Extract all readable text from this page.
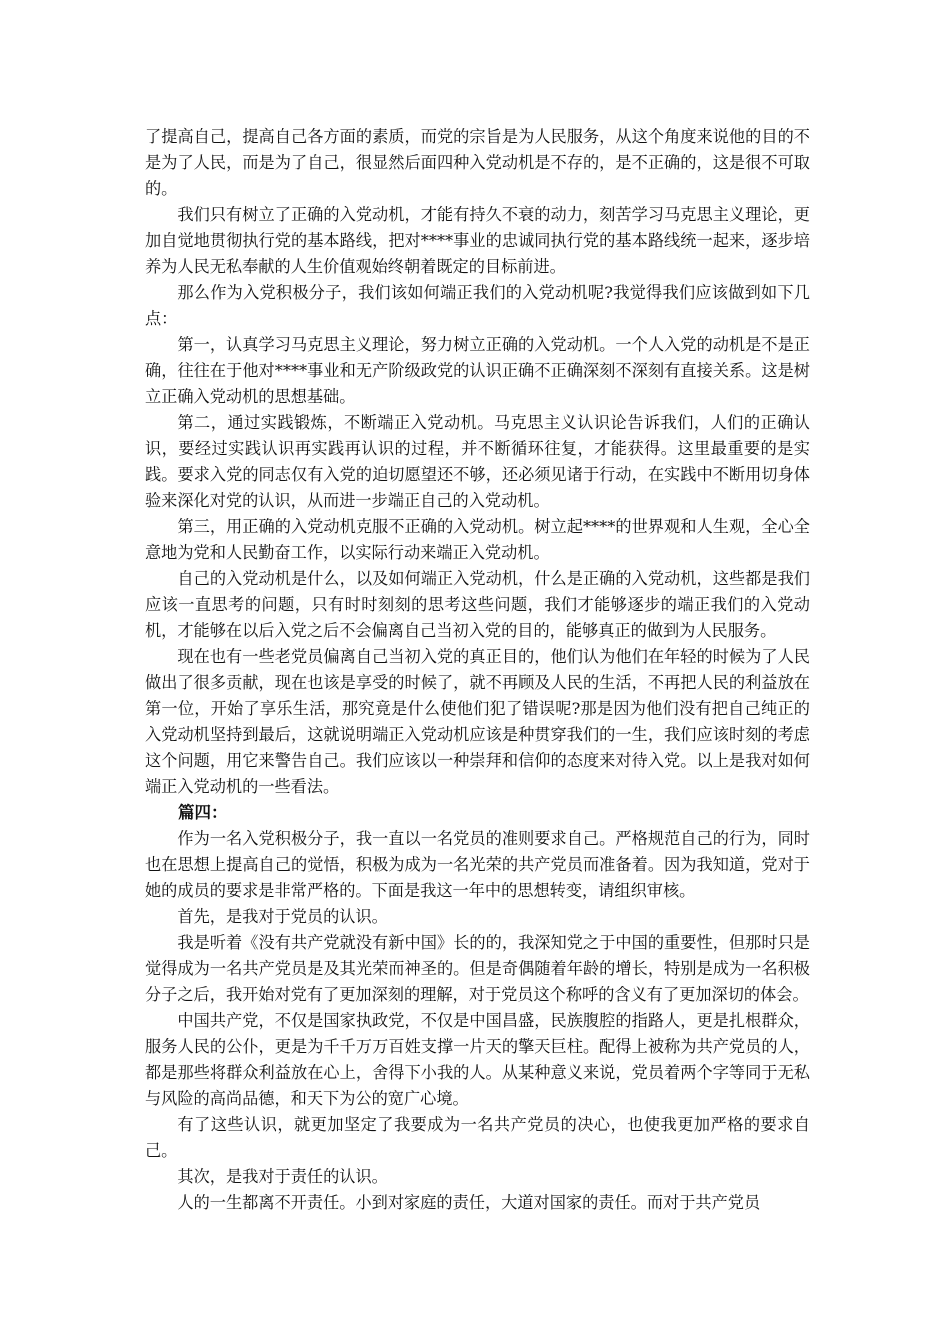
了提高自己，提高自己各方面的素质，而党的宗旨是为人民服务，从这个角度来说他的目的不是为了人民，而是为了自己，很显然后面四种入党动机是不存的，是不正确的，这是很不可取的。

我们只有树立了正确的入党动机，才能有持久不衰的动力，刻苦学习马克思主义理论，更加自觉地贯彻执行党的基本路线，把对****事业的忠诚同执行党的基本路线统一起来，逐步培养为人民无私奉献的人生价值观始终朝着既定的目标前进。

那么作为入党积极分子，我们该如何端正我们的入党动机呢?我觉得我们应该做到如下几点：

第一，认真学习马克思主义理论，努力树立正确的入党动机。一个人入党的动机是不是正确，往往在于他对****事业和无产阶级政党的认识正确不正确深刻不深刻有直接关系。这是树立正确入党动机的思想基础。

第二，通过实践锻炼，不断端正入党动机。马克思主义认识论告诉我们，人们的正确认识，要经过实践认识再实践再认识的过程，并不断循环往复，才能获得。这里最重要的是实践。要求入党的同志仅有入党的迫切愿望还不够，还必须见诸于行动，在实践中不断用切身体验来深化对党的认识，从而进一步端正自己的入党动机。

第三，用正确的入党动机克服不正确的入党动机。树立起****的世界观和人生观，全心全意地为党和人民勤奋工作，以实际行动来端正入党动机。

自己的入党动机是什么，以及如何端正入党动机，什么是正确的入党动机，这些都是我们应该一直思考的问题，只有时时刻刻的思考这些问题，我们才能够逐步的端正我们的入党动机，才能够在以后入党之后不会偏离自己当初入党的目的，能够真正的做到为人民服务。

现在也有一些老党员偏离自己当初入党的真正目的，他们认为他们在年轻的时候为了人民做出了很多贡献，现在也该是享受的时候了，就不再顾及人民的生活，不再把人民的利益放在第一位，开始了享乐生活，那究竟是什么使他们犯了错误呢?那是因为他们没有把自己纯正的入党动机坚持到最后，这就说明端正入党动机应该是种贯穿我们的一生，我们应该时刻的考虑这个问题，用它来警告自己。我们应该以一种崇拜和信仰的态度来对待入党。以上是我对如何端正入党动机的一些看法。

篇四：

作为一名入党积极分子，我一直以一名党员的准则要求自己。严格规范自己的行为，同时也在思想上提高自己的觉悟，积极为成为一名光荣的共产党员而准备着。因为我知道，党对于她的成员的要求是非常严格的。下面是我这一年中的思想转变，请组织审核。

首先，是我对于党员的认识。

我是听着《没有共产党就没有新中国》长的的，我深知党之于中国的重要性，但那时只是觉得成为一名共产党员是及其光荣而神圣的。但是奇偶随着年龄的增长，特别是成为一名积极分子之后，我开始对党有了更加深刻的理解，对于党员这个称呼的含义有了更加深切的体会。

中国共产党，不仅是国家执政党，不仅是中国昌盛，民族腹腔的指路人，更是扎根群众，服务人民的公仆，更是为千千万万百姓支撑一片天的擎天巨柱。配得上被称为共产党员的人，都是那些将群众利益放在心上，舍得下小我的人。从某种意义来说，党员着两个字等同于无私与风险的高尚品德，和天下为公的宽广心境。

有了这些认识，就更加坚定了我要成为一名共产党员的决心，也使我更加严格的要求自己。

其次，是我对于责任的认识。

人的一生都离不开责任。小到对家庭的责任，大道对国家的责任。而对于共产党员
